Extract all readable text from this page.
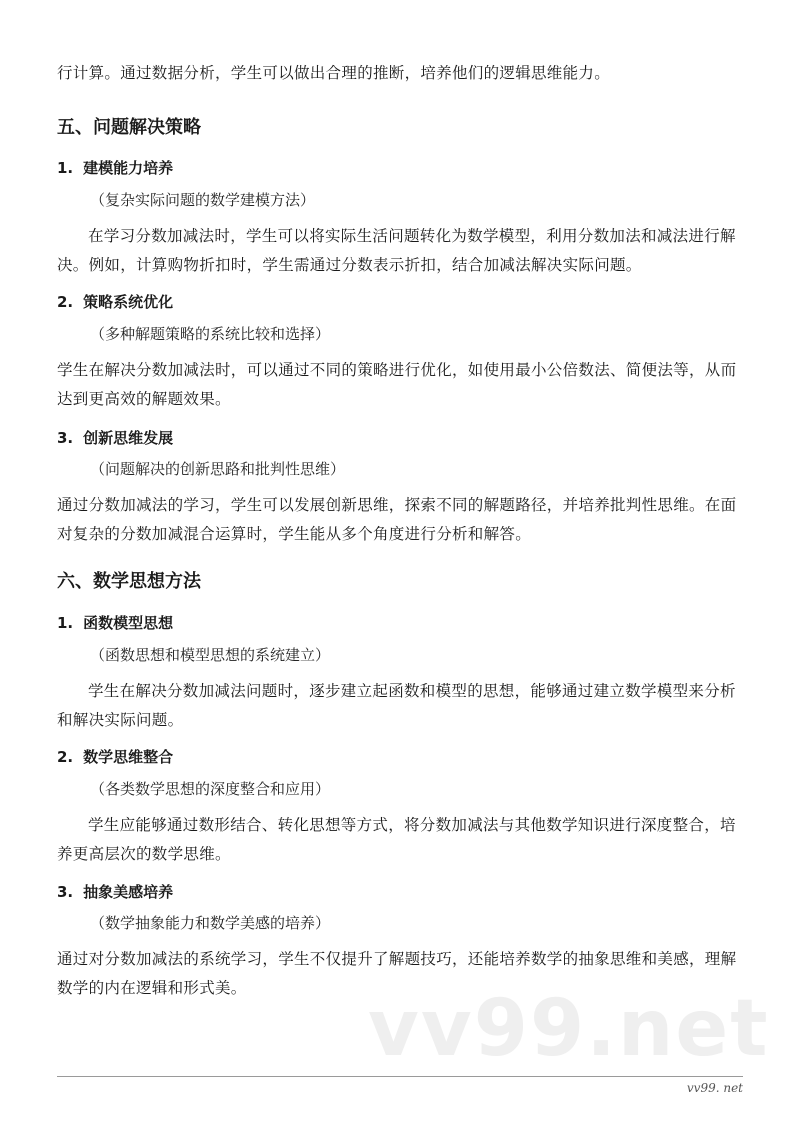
行计算。通过数据分析，学生可以做出合理的推断，培养他们的逻辑思维能力。

五、问题解决策略
1. 建模能力培养

（复杂实际问题的数学建模方法）

在学习分数加减法时，学生可以将实际生活问题转化为数学模型，利用分数加法和减法进行解决。例如，计算购物折扣时，学生需通过分数表示折扣，结合加减法解决实际问题。

2. 策略系统优化

（多种解题策略的系统比较和选择）

学生在解决分数加减法时，可以通过不同的策略进行优化，如使用最小公倍数法、简便法等，从而达到更高效的解题效果。

3. 创新思维发展

（问题解决的创新思路和批判性思维）

通过分数加减法的学习，学生可以发展创新思维，探索不同的解题路径，并培养批判性思维。在面对复杂的分数加减混合运算时，学生能从多个角度进行分析和解答。

六、数学思想方法
1. 函数模型思想

（函数思想和模型思想的系统建立）

学生在解决分数加减法问题时，逐步建立起函数和模型的思想，能够通过建立数学模型来分析和解决实际问题。

2. 数学思维整合

（各类数学思想的深度整合和应用）

学生应能够通过数形结合、转化思想等方式，将分数加减法与其他数学知识进行深度整合，培养更高层次的数学思维。

3. 抽象美感培养

（数学抽象能力和数学美感的培养）

通过对分数加减法的系统学习，学生不仅提升了解题技巧，还能培养数学的抽象思维和美感，理解数学的内在逻辑和形式美。	vv99.net
vv99. net
